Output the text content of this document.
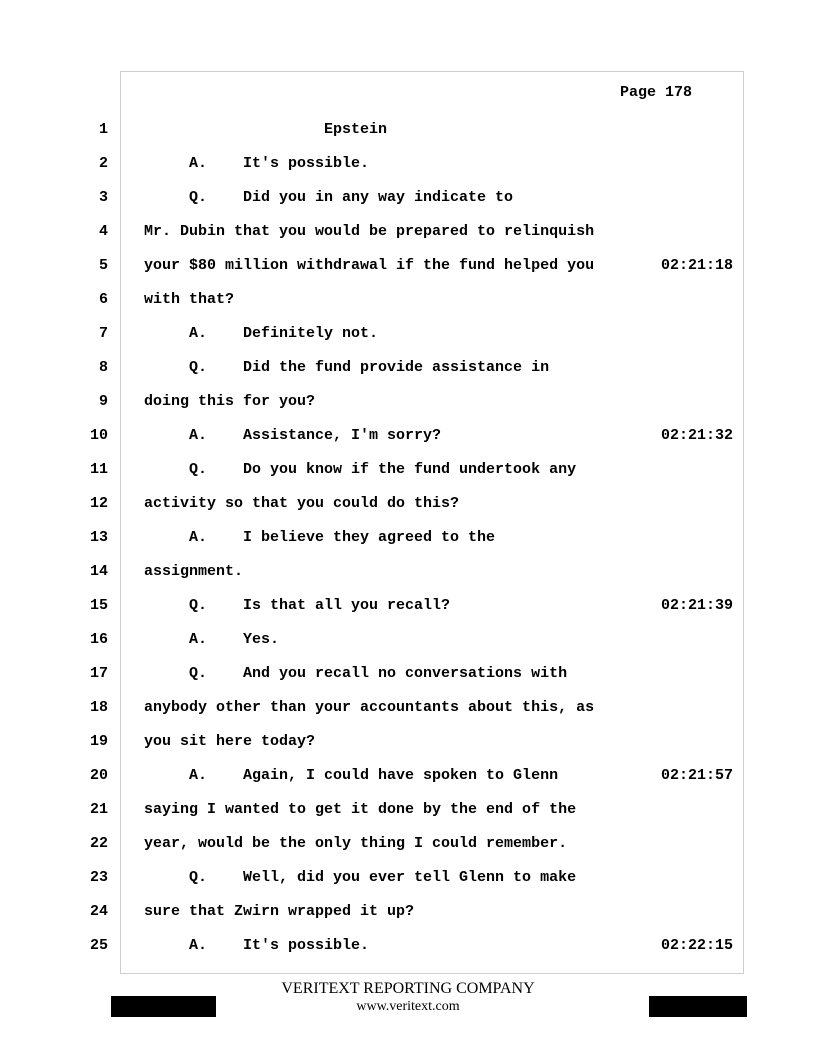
Page 178
1 Epstein
2 A.    It's possible.
3 Q.    Did you in any way indicate to
4 Mr. Dubin that you would be prepared to relinquish
5 your $80 million withdrawal if the fund helped you	02:21:18
6 with that?
7 A.    Definitely not.
8 Q.    Did the fund provide assistance in
9 doing this for you?
10 A.    Assistance, I'm sorry?	02:21:32
11 Q.    Do you know if the fund undertook any
12 activity so that you could do this?
13 A.    I believe they agreed to the
14 assignment.
15 Q.    Is that all you recall?	02:21:39
16 A.    Yes.
17 Q.    And you recall no conversations with
18 anybody other than your accountants about this, as
19 you sit here today?
20 A.    Again, I could have spoken to Glenn	02:21:57
21 saying I wanted to get it done by the end of the
22 year, would be the only thing I could remember.
23 Q.    Well, did you ever tell Glenn to make
24 sure that Zwirn wrapped it up?
25 A.    It's possible.	02:22:15
VERITEXT REPORTING COMPANY
www.veritext.com
